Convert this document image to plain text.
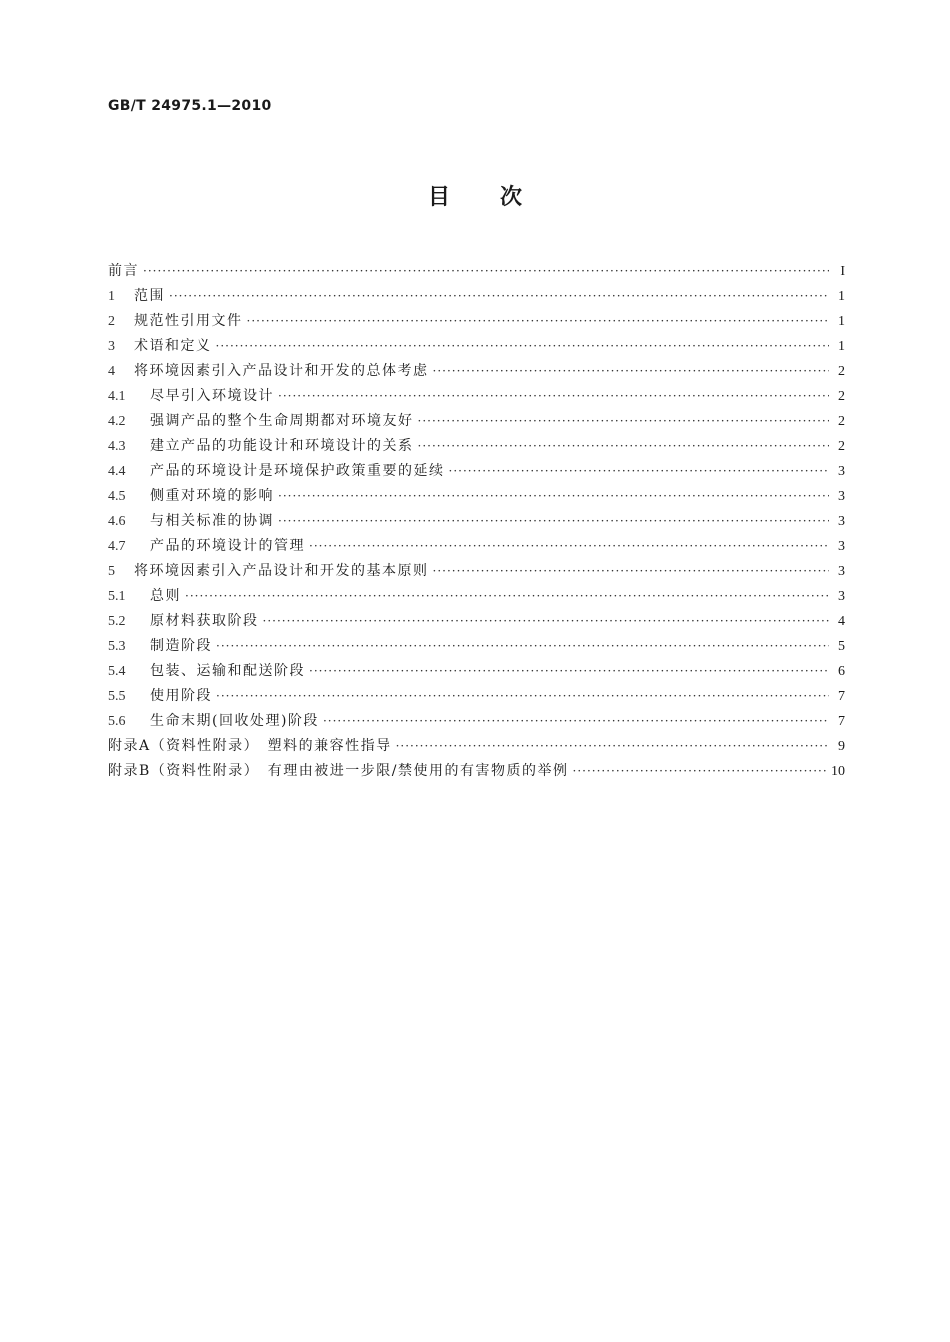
GB/T 24975.1—2010
目次
前言 ·····	I
1	范围 ·····	1
2	规范性引用文件 ·····	1
3	术语和定义 ·····	1
4	将环境因素引入产品设计和开发的总体考虑 ·····	2
4.1	尽早引入环境设计 ·····	2
4.2	强调产品的整个生命周期都对环境友好 ·····	2
4.3	建立产品的功能设计和环境设计的关系 ·····	2
4.4	产品的环境设计是环境保护政策重要的延续 ·····	3
4.5	侧重对环境的影响 ·····	3
4.6	与相关标准的协调 ·····	3
4.7	产品的环境设计的管理 ·····	3
5	将环境因素引入产品设计和开发的基本原则 ·····	3
5.1	总则 ·····	3
5.2	原材料获取阶段 ·····	4
5.3	制造阶段 ·····	5
5.4	包装、运输和配送阶段 ·····	6
5.5	使用阶段 ·····	7
5.6	生命末期(回收处理)阶段 ·····	7
附录A（资料性附录）　塑料的兼容性指导 ·····	9
附录B（资料性附录）　有理由被进一步限/禁使用的有害物质的举例 ·····	10
